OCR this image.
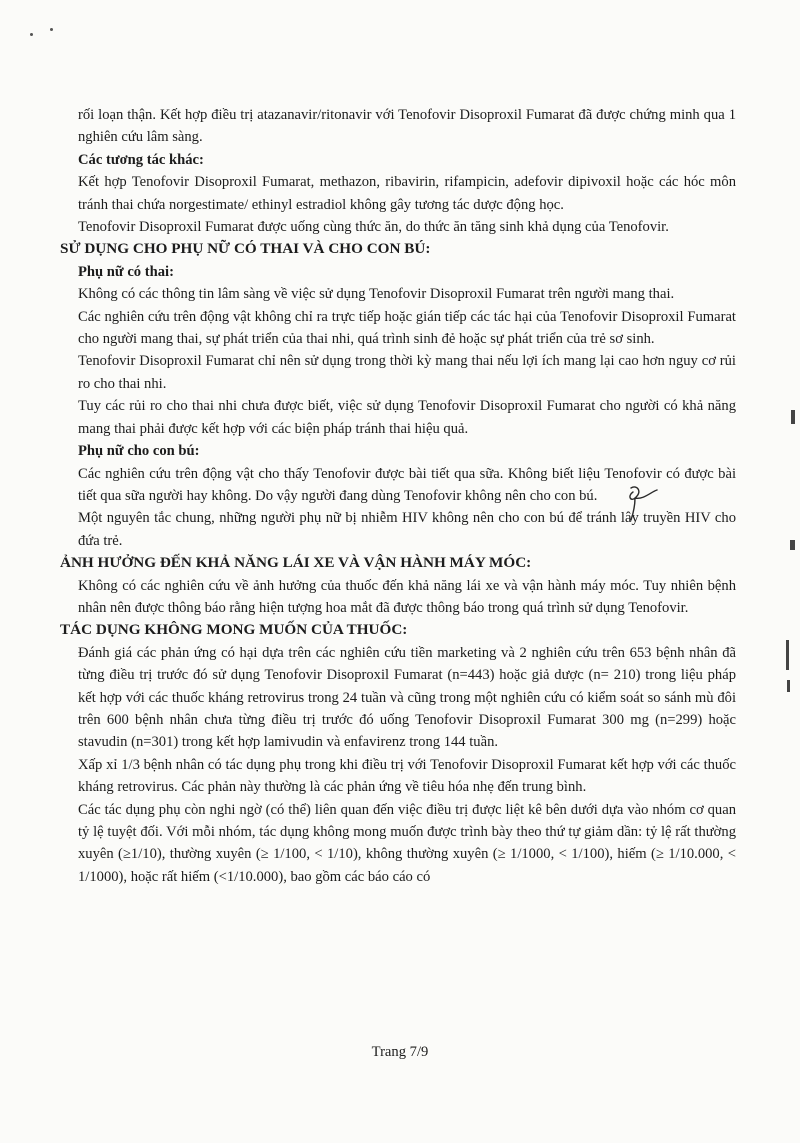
rối loạn thận. Kết hợp điều trị atazanavir/ritonavir với Tenofovir Disoproxil Fumarat đã được chứng minh qua 1 nghiên cứu lâm sàng.

Các tương tác khác:

Kết hợp Tenofovir Disoproxil Fumarat, methazon, ribavirin, rifampicin, adefovir dipivoxil hoặc các hóc môn tránh thai chứa norgestimate/ ethinyl estradiol không gây tương tác dược động học.

Tenofovir Disoproxil Fumarat được uống cùng thức ăn, do thức ăn tăng sinh khả dụng của Tenofovir.

SỬ DỤNG CHO PHỤ NỮ CÓ THAI VÀ CHO CON BÚ:

Phụ nữ có thai:

Không có các thông tin lâm sàng về việc sử dụng Tenofovir Disoproxil Fumarat trên người mang thai.

Các nghiên cứu trên động vật không chỉ ra trực tiếp hoặc gián tiếp các tác hại của Tenofovir Disoproxil Fumarat cho người mang thai, sự phát triển của thai nhi, quá trình sinh đẻ hoặc sự phát triển của trẻ sơ sinh.

Tenofovir Disoproxil Fumarat chỉ nên sử dụng trong thời kỳ mang thai nếu lợi ích mang lại cao hơn nguy cơ rủi ro cho thai nhi.

Tuy các rủi ro cho thai nhi chưa được biết, việc sử dụng Tenofovir Disoproxil Fumarat cho người có khả năng mang thai phải được kết hợp với các biện pháp tránh thai hiệu quả.

Phụ nữ cho con bú:

Các nghiên cứu trên động vật cho thấy Tenofovir được bài tiết qua sữa. Không biết liệu Tenofovir có được bài tiết qua sữa người hay không. Do vậy người đang dùng Tenofovir không nên cho con bú.

Một nguyên tắc chung, những người phụ nữ bị nhiễm HIV không nên cho con bú để tránh lây truyền HIV cho đứa trẻ.

ẢNH HƯỞNG ĐẾN KHẢ NĂNG LÁI XE VÀ VẬN HÀNH MÁY MÓC:

Không có các nghiên cứu về ảnh hưởng của thuốc đến khả năng lái xe và vận hành máy móc. Tuy nhiên bệnh nhân nên được thông báo rằng hiện tượng hoa mắt đã được thông báo trong quá trình sử dụng Tenofovir.

TÁC DỤNG KHÔNG MONG MUỐN CỦA THUỐC:

Đánh giá các phản ứng có hại dựa trên các nghiên cứu tiền marketing và 2 nghiên cứu trên 653 bệnh nhân đã từng điều trị trước đó sử dụng Tenofovir Disoproxil Fumarat (n=443) hoặc giả dược (n= 210) trong liệu pháp kết hợp với các thuốc kháng retrovirus trong 24 tuần và cũng trong một nghiên cứu có kiểm soát so sánh mù đôi trên 600 bệnh nhân chưa từng điều trị trước đó uống Tenofovir Disoproxil Fumarat 300 mg (n=299) hoặc stavudin (n=301) trong kết hợp lamivudin và enfavirenz trong 144 tuần.

Xấp xỉ 1/3 bệnh nhân có tác dụng phụ trong khi điều trị với Tenofovir Disoproxil Fumarat kết hợp với các thuốc kháng retrovirus. Các phản này thường là các phản ứng về tiêu hóa nhẹ đến trung bình.

Các tác dụng phụ còn nghi ngờ (có thể) liên quan đến việc điều trị được liệt kê bên dưới dựa vào nhóm cơ quan tỷ lệ tuyệt đối. Với mỗi nhóm, tác dụng không mong muốn được trình bày theo thứ tự giảm dần: tỷ lệ rất thường xuyên (≥1/10), thường xuyên (≥ 1/100, < 1/10), không thường xuyên (≥ 1/1000, < 1/100), hiếm (≥ 1/10.000, < 1/1000), hoặc rất hiếm (<1/10.000), bao gồm các báo cáo có

Trang 7/9
